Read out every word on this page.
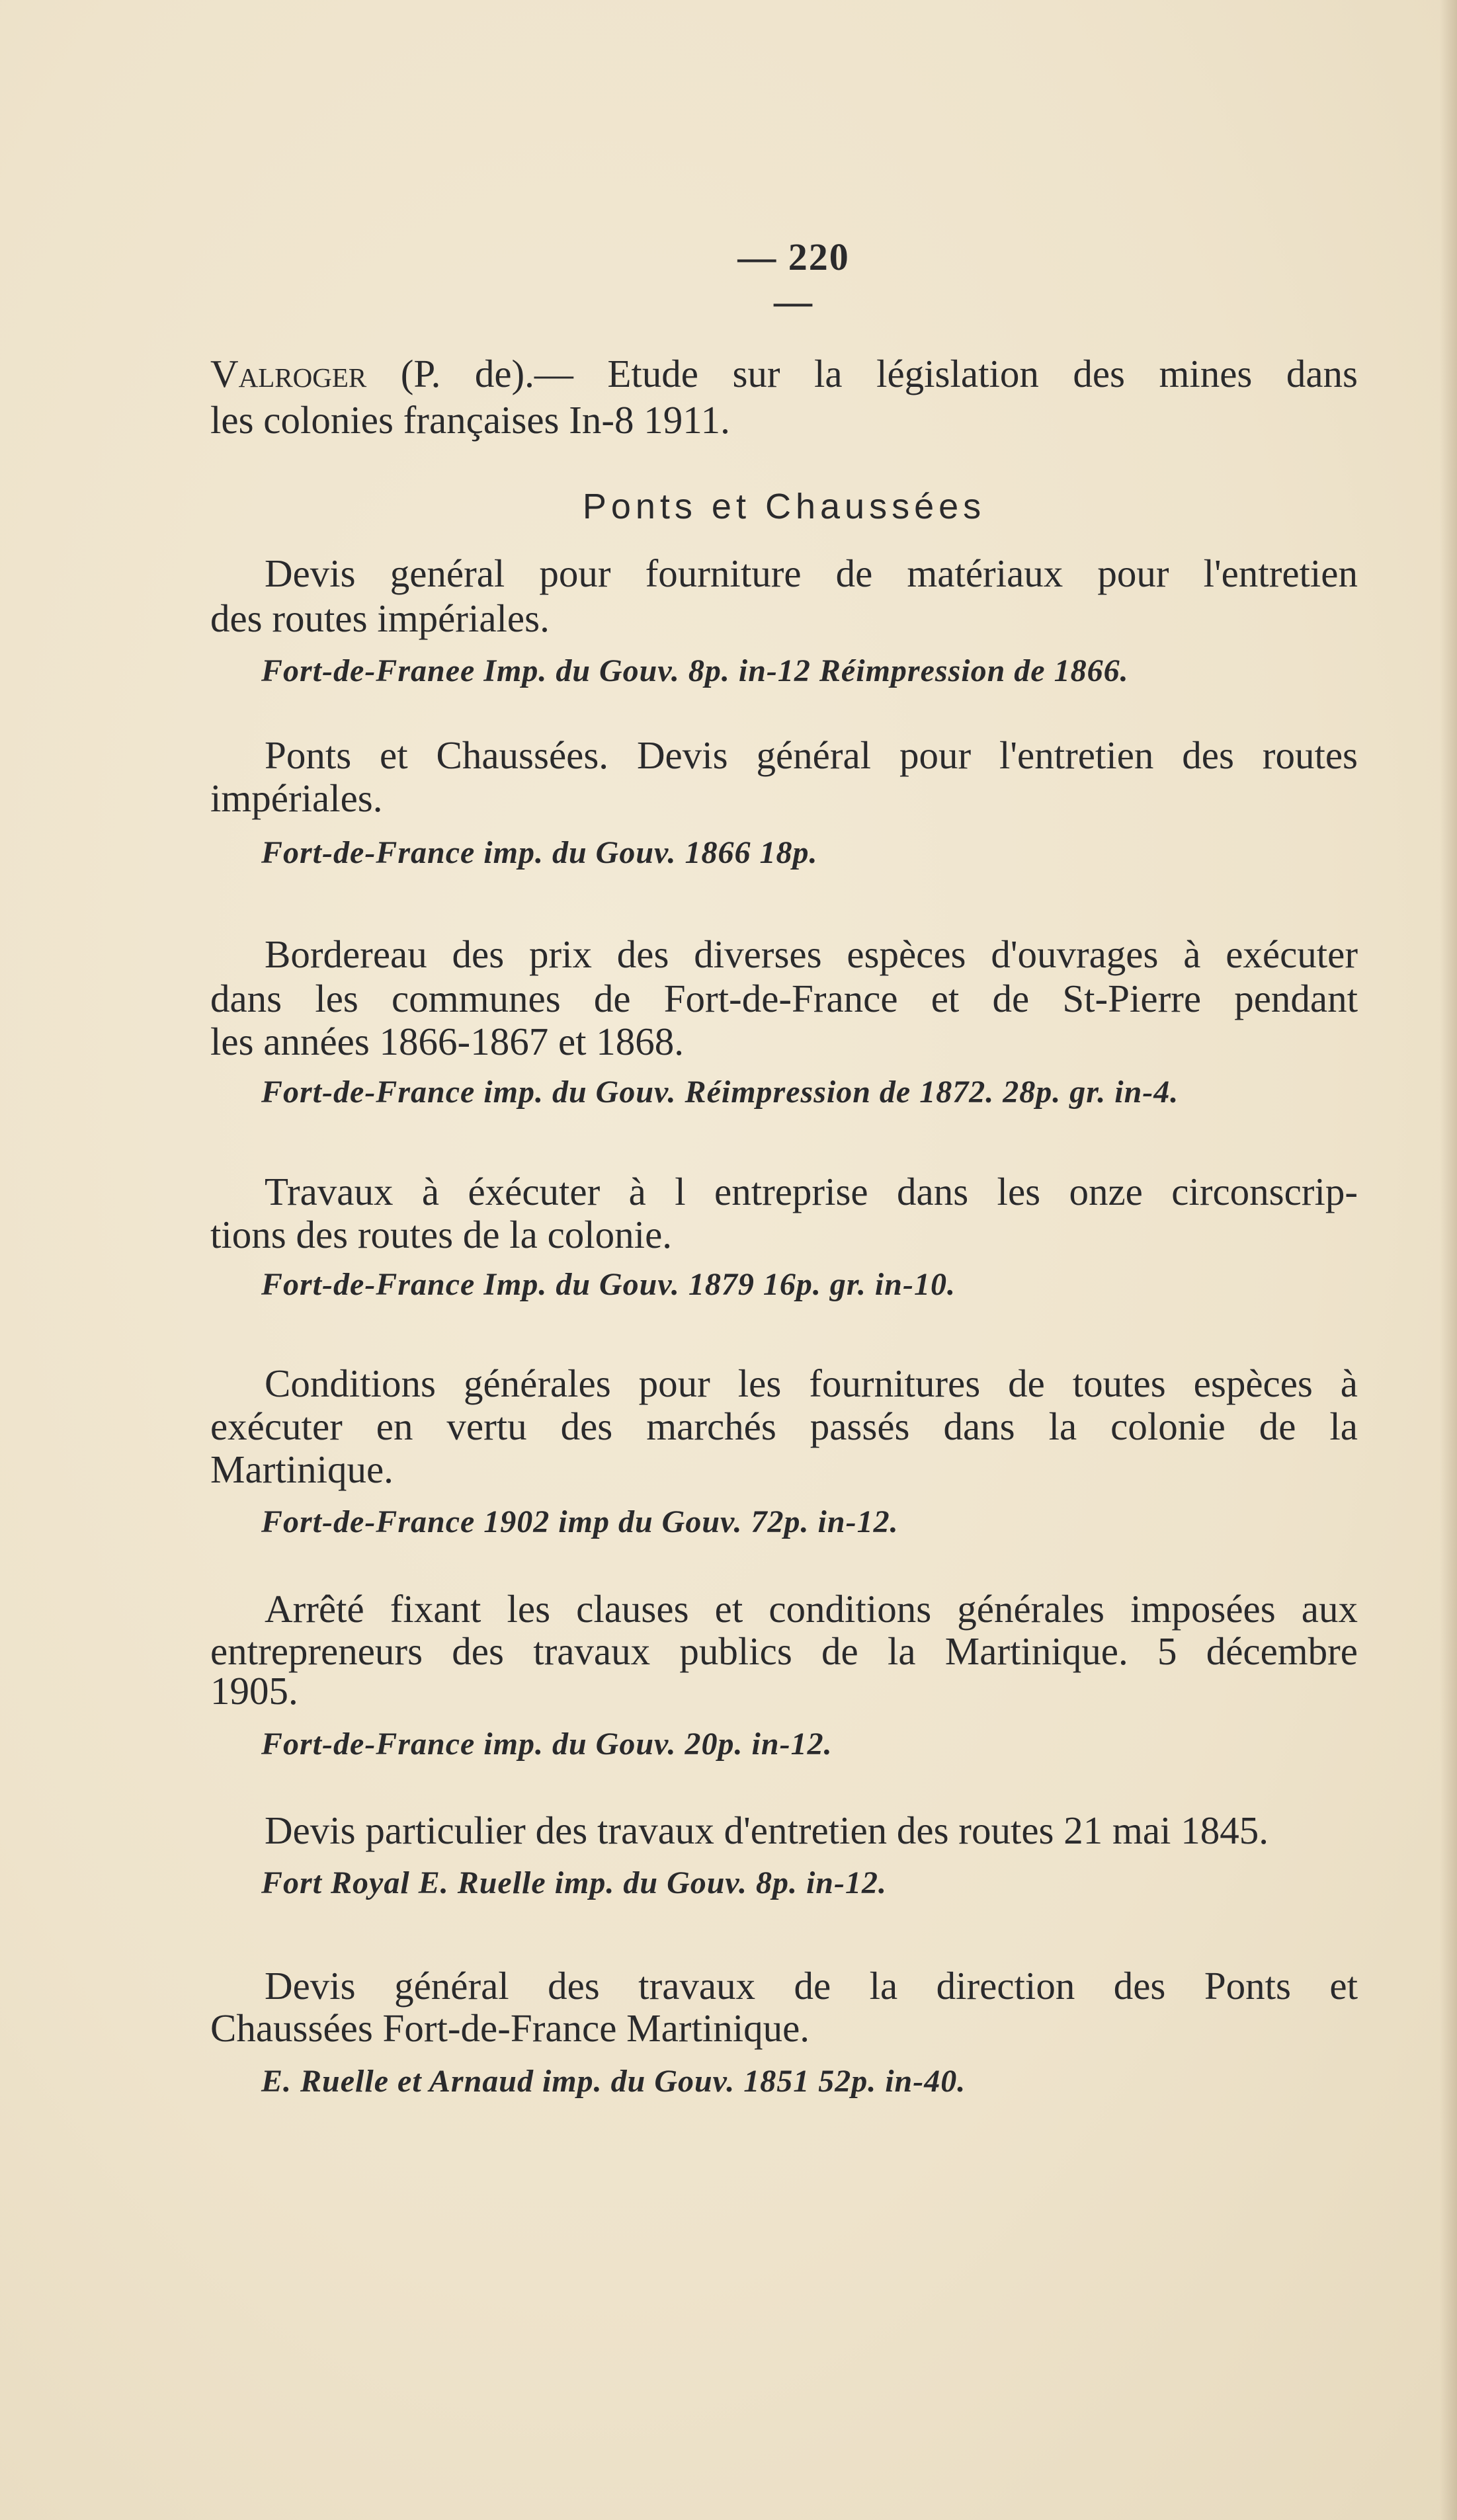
— 220 —
Valroger (P. de).— Etude sur la législation des mines dans
les colonies françaises In-8 1911.
Ponts et Chaussées
Devis genéral pour fourniture de matériaux pour l'entretien
des routes impériales.
Fort-de-Franee Imp. du Gouv. 8p. in-12 Réimpression de 1866.
Ponts et Chaussées. Devis général pour l'entretien des routes
impériales.
Fort-de-France imp. du Gouv. 1866 18p.
Bordereau des prix des diverses espèces d'ouvrages à exécuter
dans les communes de Fort-de-France et de St-Pierre pendant
les années 1866-1867 et 1868.
Fort-de-France imp. du Gouv. Réimpression de 1872. 28p. gr. in-4.
Travaux à éxécuter à l entreprise dans les onze circonscrip-
tions des routes de la colonie.
Fort-de-France Imp. du Gouv. 1879 16p. gr. in-10.
Conditions générales pour les fournitures de toutes espèces à
exécuter en vertu des marchés passés dans la colonie de la
Martinique.
Fort-de-France 1902 imp du Gouv. 72p. in-12.
Arrêté fixant les clauses et conditions générales imposées aux
entrepreneurs des travaux publics de la Martinique. 5 décembre
1905.
Fort-de-France imp. du Gouv. 20p. in-12.
Devis particulier des travaux d'entretien des routes 21 mai 1845.
Fort Royal E. Ruelle imp. du Gouv. 8p. in-12.
Devis général des travaux de la direction des Ponts et
Chaussées Fort-de-France Martinique.
E. Ruelle et Arnaud imp. du Gouv. 1851 52p. in-40.
